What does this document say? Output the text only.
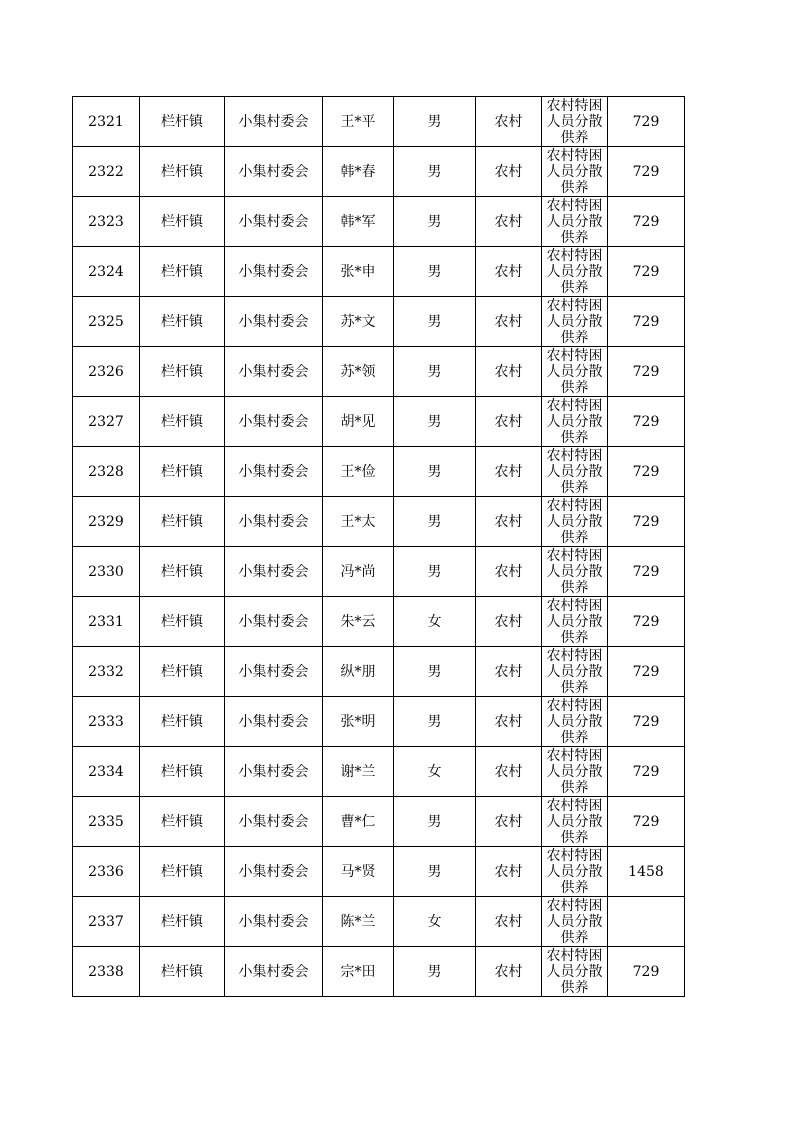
2321	栏杆镇	小集村委会	王*平	男	农村	农村特困人员分散供养	729
2322	栏杆镇	小集村委会	韩*春	男	农村	农村特困人员分散供养	729
2323	栏杆镇	小集村委会	韩*军	男	农村	农村特困人员分散供养	729
2324	栏杆镇	小集村委会	张*申	男	农村	农村特困人员分散供养	729
2325	栏杆镇	小集村委会	苏*文	男	农村	农村特困人员分散供养	729
2326	栏杆镇	小集村委会	苏*领	男	农村	农村特困人员分散供养	729
2327	栏杆镇	小集村委会	胡*见	男	农村	农村特困人员分散供养	729
2328	栏杆镇	小集村委会	王*俭	男	农村	农村特困人员分散供养	729
2329	栏杆镇	小集村委会	王*太	男	农村	农村特困人员分散供养	729
2330	栏杆镇	小集村委会	冯*尚	男	农村	农村特困人员分散供养	729
2331	栏杆镇	小集村委会	朱*云	女	农村	农村特困人员分散供养	729
2332	栏杆镇	小集村委会	纵*朋	男	农村	农村特困人员分散供养	729
2333	栏杆镇	小集村委会	张*明	男	农村	农村特困人员分散供养	729
2334	栏杆镇	小集村委会	谢*兰	女	农村	农村特困人员分散供养	729
2335	栏杆镇	小集村委会	曹*仁	男	农村	农村特困人员分散供养	729
2336	栏杆镇	小集村委会	马*贤	男	农村	农村特困人员分散供养	1458
2337	栏杆镇	小集村委会	陈*兰	女	农村	农村特困人员分散供养	

2338	栏杆镇	小集村委会	宗*田	男	农村	农村特困人员分散供养	729
